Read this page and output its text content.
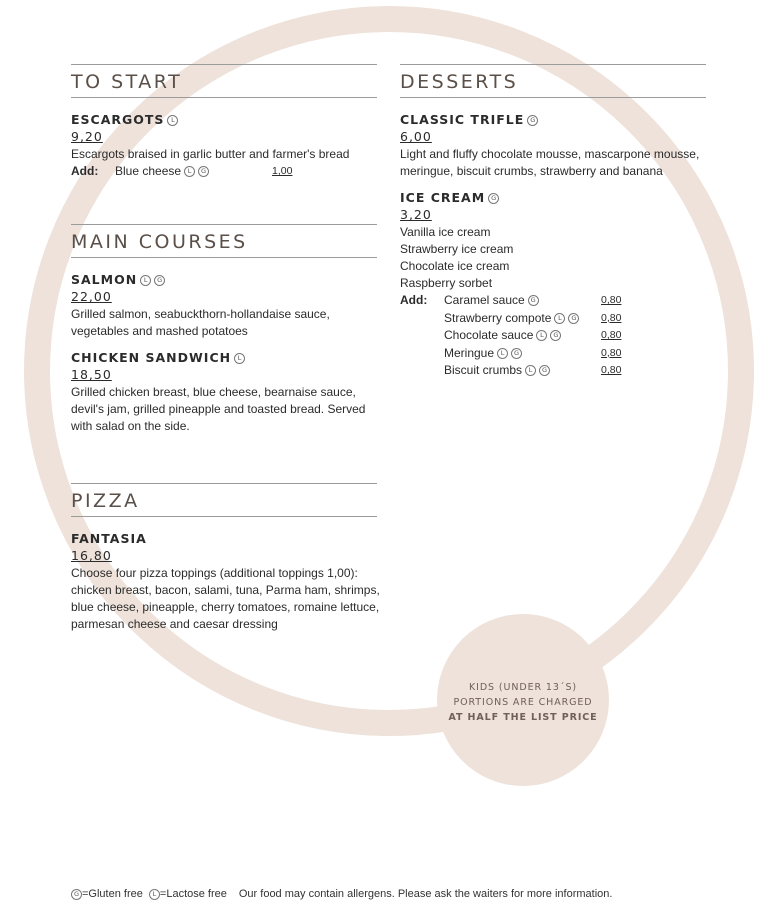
KIDS (UNDER 13´S)
PORTIONS ARE CHARGED
AT HALF THE LIST PRICE
TO START
ESCARGOTS L
9,20
Escargots braised in garlic butter and farmer's bread
Add: Blue cheese L G	1,00
MAIN COURSES
SALMON L G
22,00
Grilled salmon, seabuckthorn-hollandaise sauce,
vegetables and mashed potatoes
CHICKEN SANDWICH L
18,50
Grilled chicken breast, blue cheese, bearnaise sauce,
devil's jam, grilled pineapple and toasted bread. Served
with salad on the side.
PIZZA
FANTASIA
16,80
Choose four pizza toppings (additional toppings 1,00):
chicken breast, bacon, salami, tuna, Parma ham, shrimps,
blue cheese, pineapple, cherry tomatoes, romaine lettuce,
parmesan cheese and caesar dressing
DESSERTS
CLASSIC TRIFLE G
6,00
Light and fluffy chocolate mousse, mascarpone mousse,
meringue, biscuit crumbs, strawberry and banana
ICE CREAM G
3,20
Vanilla ice cream
Strawberry ice cream
Chocolate ice cream
Raspberry sorbet
Add: Caramel sauce G	0,80
Strawberry compote L G 0,80
Chocolate sauce L G	0,80
Meringue L G	0,80
Biscuit crumbs L G	0,80
G =Gluten free L =Lactose free Our food may contain allergens. Please ask the waiters for more information.
